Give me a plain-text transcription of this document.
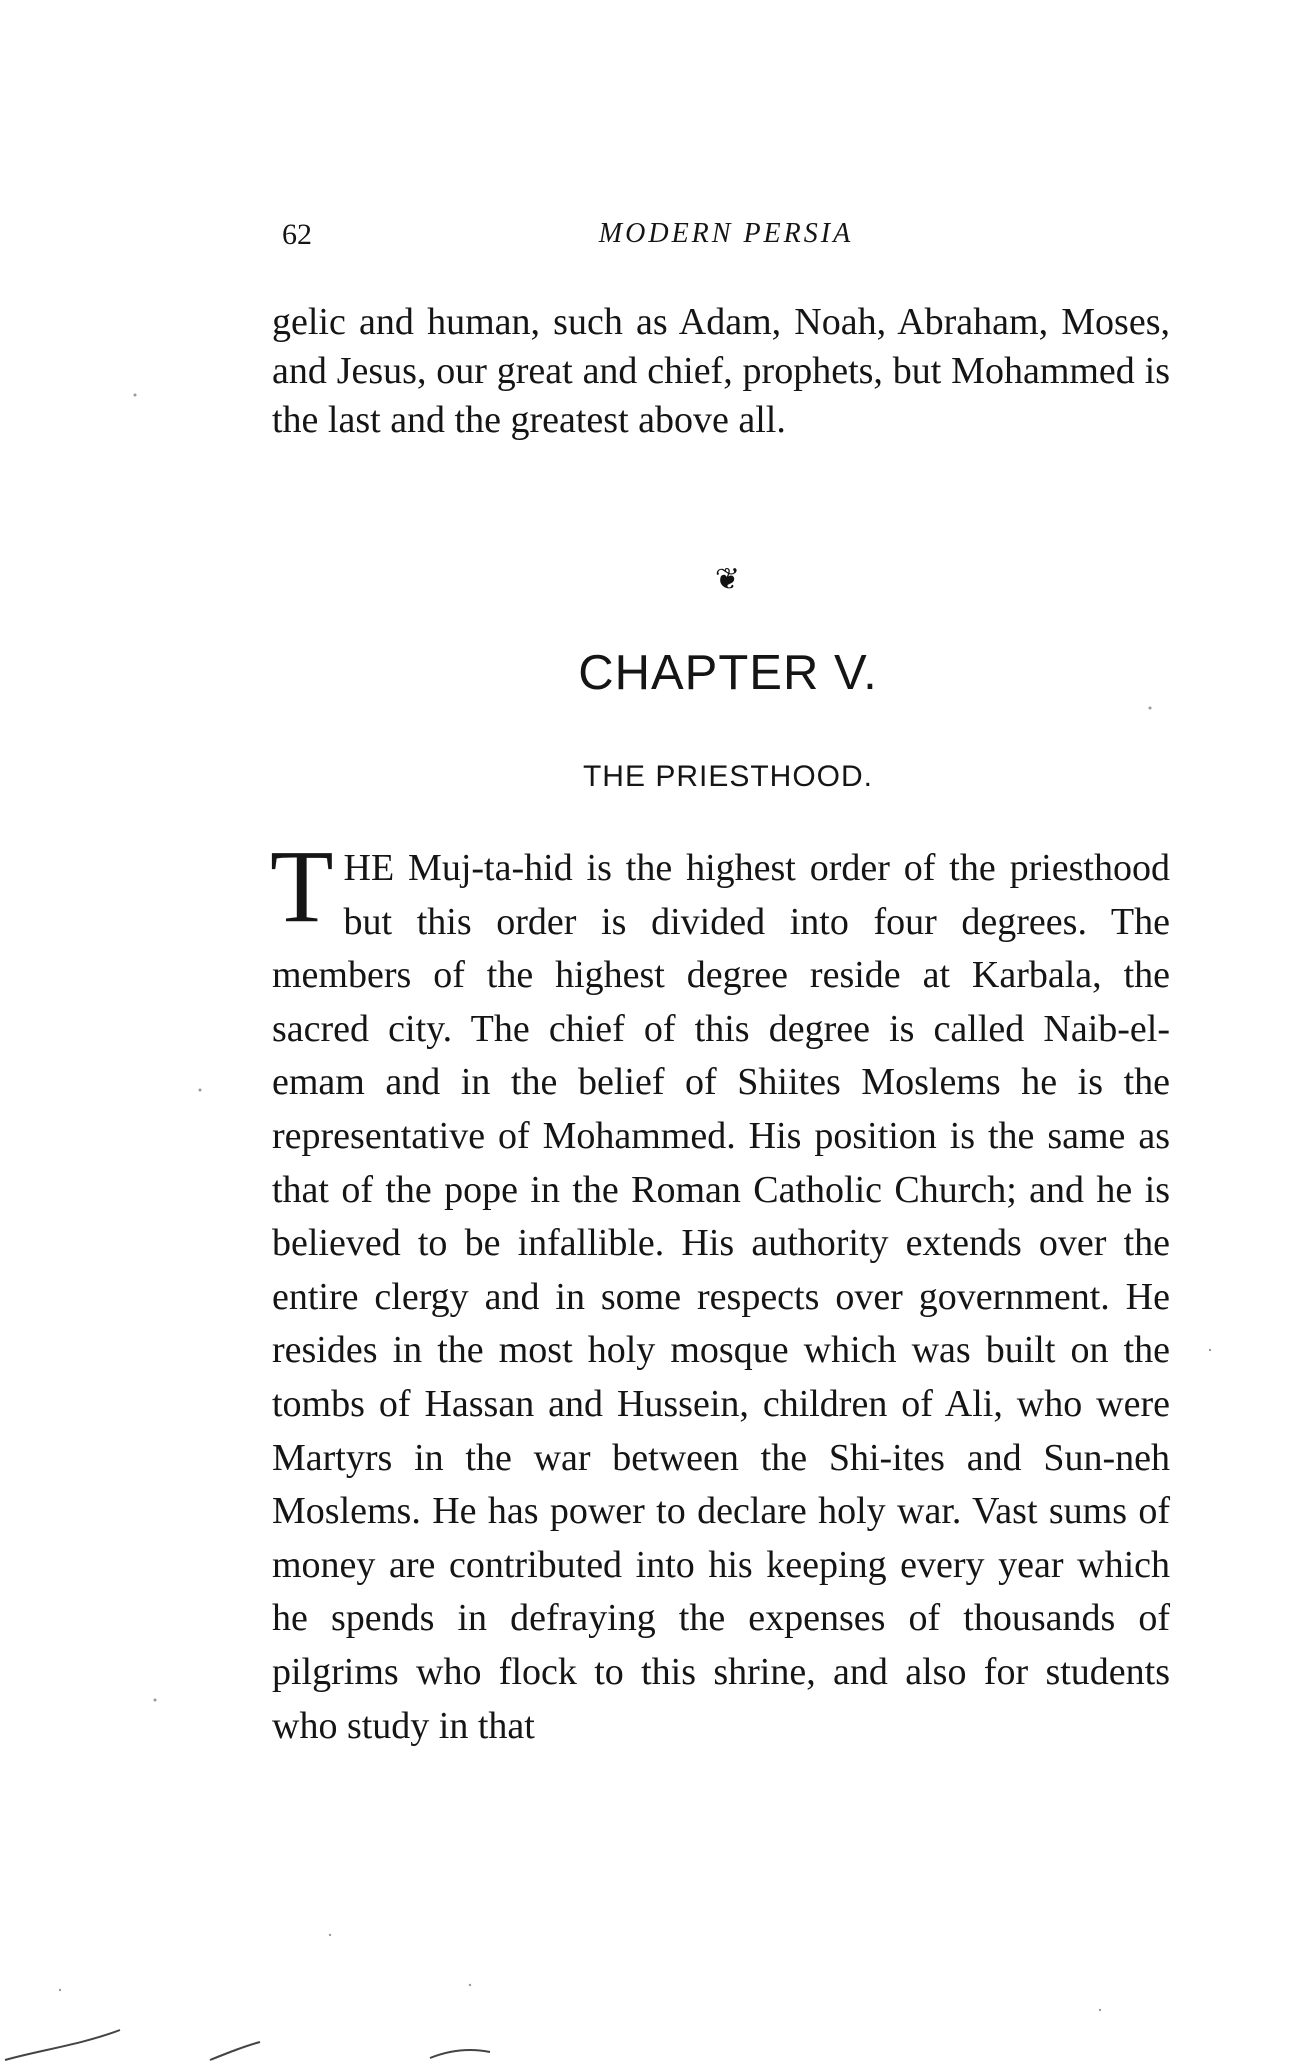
62	MODERN PERSIA

gelic and human, such as Adam, Noah, Abraham, Moses, and Jesus, our great and chief, prophets, but Mohammed is the last and the greatest above all.

❦
CHAPTER V.
THE PRIESTHOOD.

THE Muj-ta-hid is the highest order of the priesthood but this order is divided into four degrees. The members of the highest degree reside at Karbala, the sacred city. The chief of this degree is called Naib-el-emam and in the belief of Shiites Moslems he is the representative of Mohammed. His position is the same as that of the pope in the Roman Catholic Church; and he is believed to be infallible. His authority extends over the entire clergy and in some respects over government. He resides in the most holy mosque which was built on the tombs of Hassan and Hussein, children of Ali, who were Martyrs in the war between the Shi-ites and Sun-neh Moslems. He has power to declare holy war. Vast sums of money are contributed into his keeping every year which he spends in defraying the expenses of thousands of pilgrims who flock to this shrine, and also for students who study in that
